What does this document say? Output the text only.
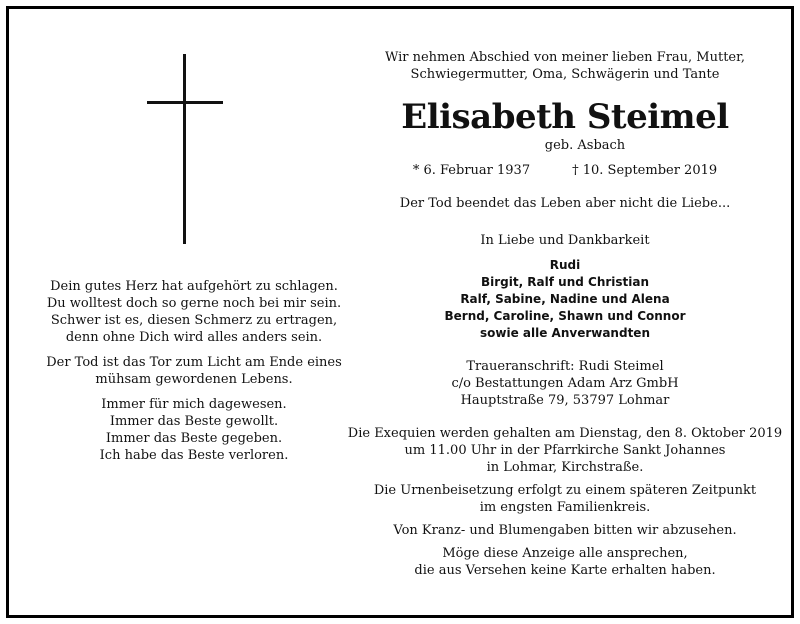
Dein gutes Herz hat aufgehört zu schlagen.
Du wolltest doch so gerne noch bei mir sein.
Schwer ist es, diesen Schmerz zu ertragen,
denn ohne Dich wird alles anders sein.
Der Tod ist das Tor zum Licht am Ende eines
mühsam gewordenen Lebens.
Immer für mich dagewesen.
Immer das Beste gewollt.
Immer das Beste gegeben.
Ich habe das Beste verloren.
Wir nehmen Abschied von meiner lieben Frau, Mutter,
Schwiegermutter, Oma, Schwägerin und Tante
Elisabeth Steimel
geb. Asbach
* 6. Februar 1937	† 10. September 2019
Der Tod beendet das Leben aber nicht die Liebe...
In Liebe und Dankbarkeit
Rudi
Birgit, Ralf und Christian
Ralf, Sabine, Nadine und Alena
Bernd, Caroline, Shawn und Connor
sowie alle Anverwandten
Traueranschrift: Rudi Steimel
c/o Bestattungen Adam Arz GmbH
Hauptstraße 79, 53797 Lohmar
Die Exequien werden gehalten am Dienstag, den 8. Oktober 2019
um 11.00 Uhr in der Pfarrkirche Sankt Johannes
in Lohmar, Kirchstraße.
Die Urnenbeisetzung erfolgt zu einem späteren Zeitpunkt
im engsten Familienkreis.
Von Kranz- und Blumengaben bitten wir abzusehen.
Möge diese Anzeige alle ansprechen,
die aus Versehen keine Karte erhalten haben.
